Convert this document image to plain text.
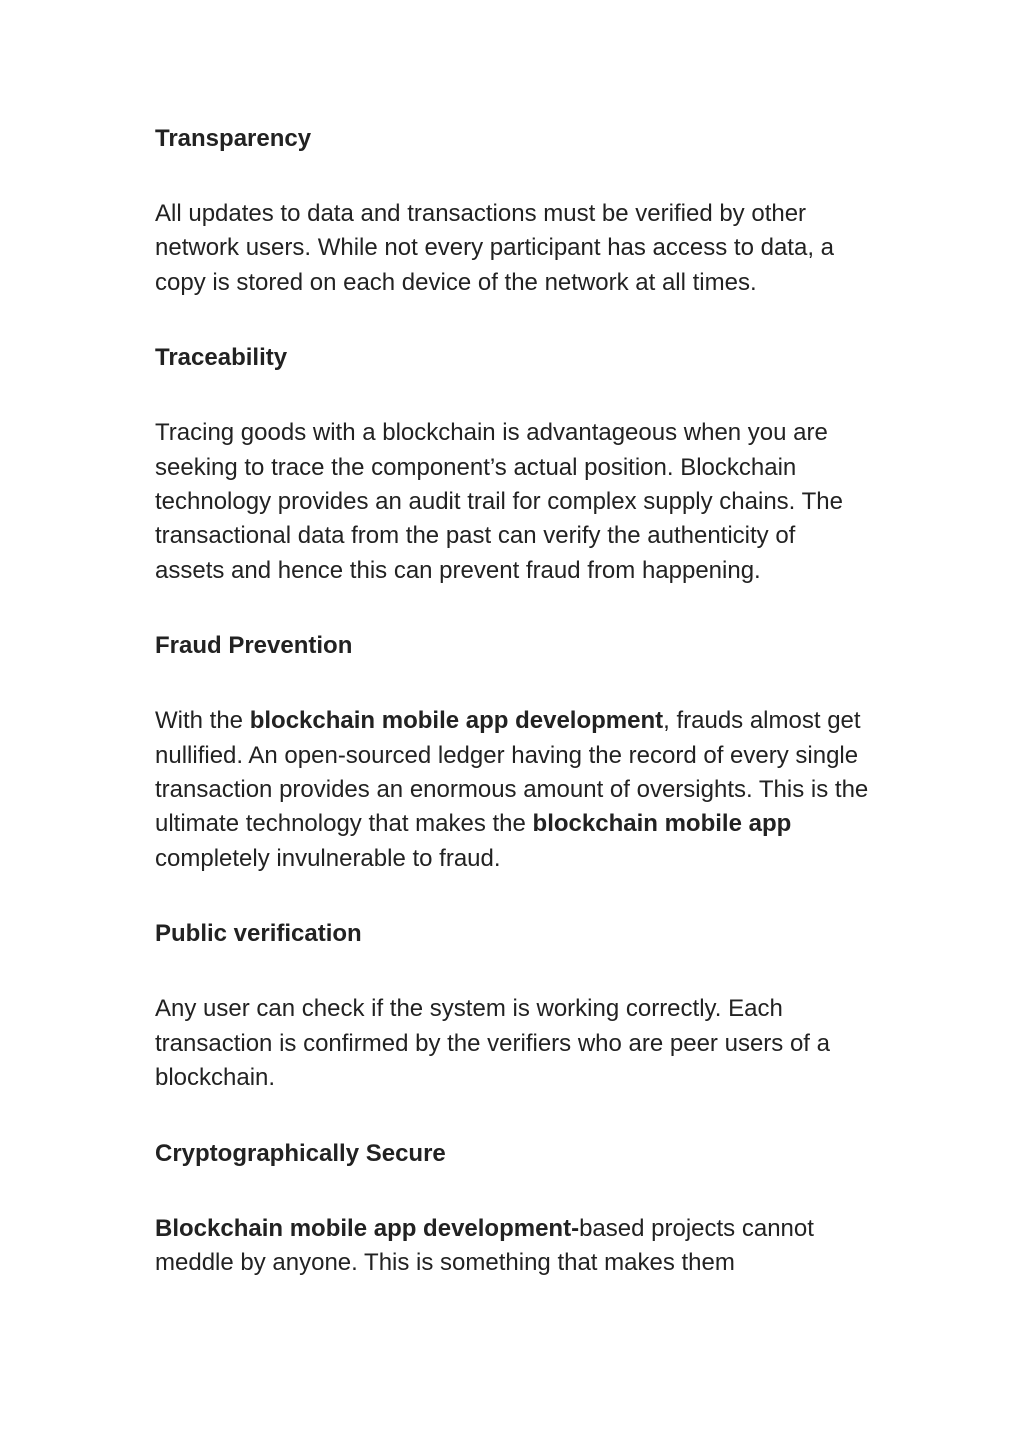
Transparency

All updates to data and transactions must be verified by other network users. While not every participant has access to data, a copy is stored on each device of the network at all times.

Traceability

Tracing goods with a blockchain is advantageous when you are seeking to trace the component’s actual position. Blockchain technology provides an audit trail for complex supply chains. The transactional data from the past can verify the authenticity of assets and hence this can prevent fraud from happening.

Fraud Prevention

With the blockchain mobile app development, frauds almost get nullified. An open-sourced ledger having the record of every single transaction provides an enormous amount of oversights. This is the ultimate technology that makes the blockchain mobile app completely invulnerable to fraud.

Public verification

Any user can check if the system is working correctly. Each transaction is confirmed by the verifiers who are peer users of a blockchain.

Cryptographically Secure

Blockchain mobile app development-based projects cannot meddle by anyone. This is something that makes them
